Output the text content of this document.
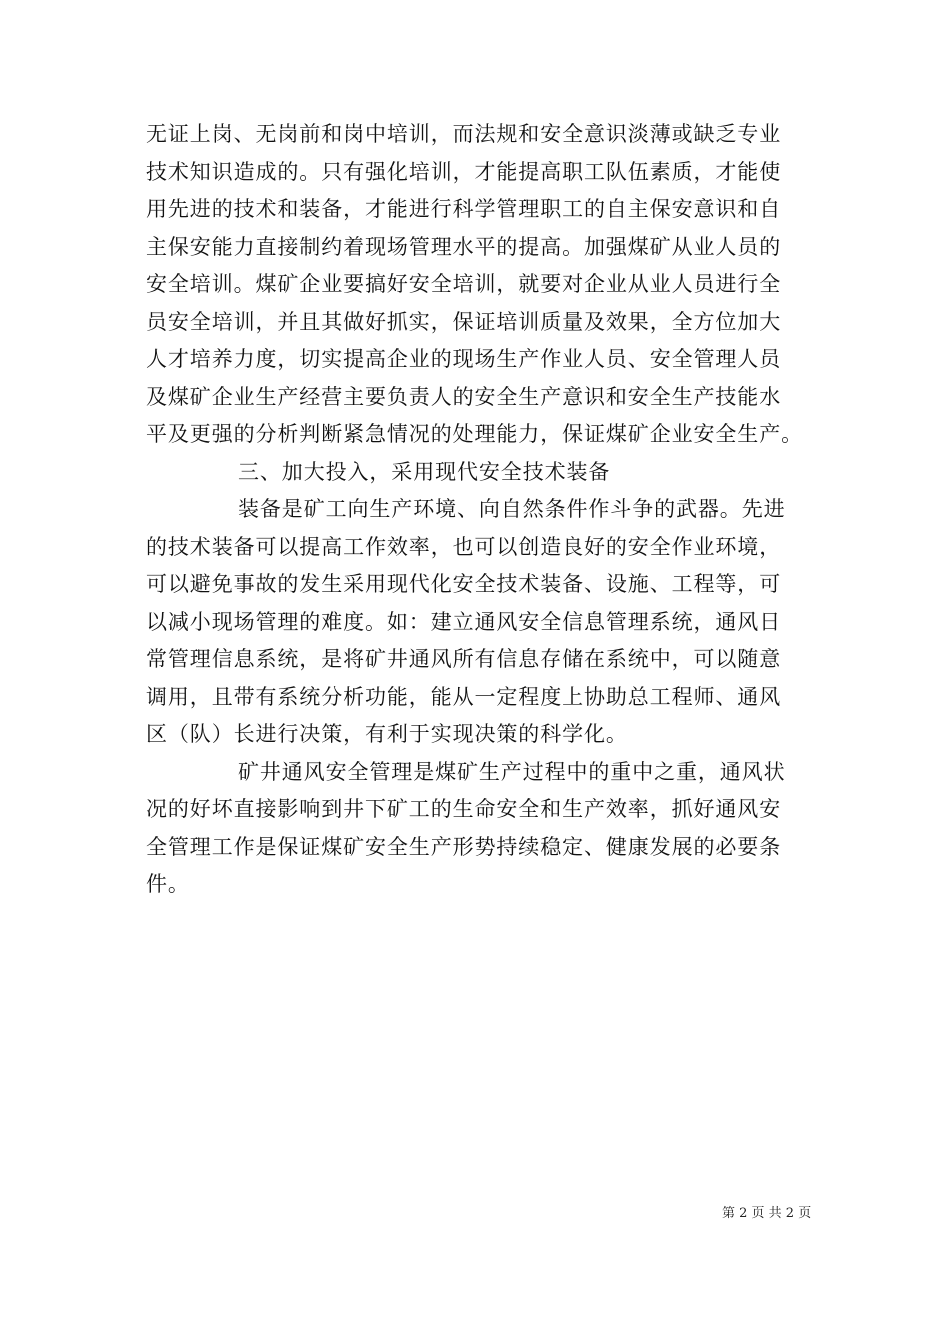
无证上岗、无岗前和岗中培训，而法规和安全意识淡薄或缺乏专业
技术知识造成的。只有强化培训，才能提高职工队伍素质，才能使
用先进的技术和装备，才能进行科学管理职工的自主保安意识和自
主保安能力直接制约着现场管理水平的提高。加强煤矿从业人员的
安全培训。煤矿企业要搞好安全培训，就要对企业从业人员进行全
员安全培训，并且其做好抓实，保证培训质量及效果，全方位加大
人才培养力度，切实提高企业的现场生产作业人员、安全管理人员
及煤矿企业生产经营主要负责人的安全生产意识和安全生产技能水
平及更强的分析判断紧急情况的处理能力，保证煤矿企业安全生产。
三、加大投入，采用现代安全技术装备
装备是矿工向生产环境、向自然条件作斗争的武器。先进
的技术装备可以提高工作效率，也可以创造良好的安全作业环境，
可以避免事故的发生采用现代化安全技术装备、设施、工程等，可
以减小现场管理的难度。如：建立通风安全信息管理系统，通风日
常管理信息系统，是将矿井通风所有信息存储在系统中，可以随意
调用，且带有系统分析功能，能从一定程度上协助总工程师、通风
区（队）长进行决策，有利于实现决策的科学化。
矿井通风安全管理是煤矿生产过程中的重中之重，通风状
况的好坏直接影响到井下矿工的生命安全和生产效率，抓好通风安
全管理工作是保证煤矿安全生产形势持续稳定、健康发展的必要条
件。
第 2 页 共 2 页
